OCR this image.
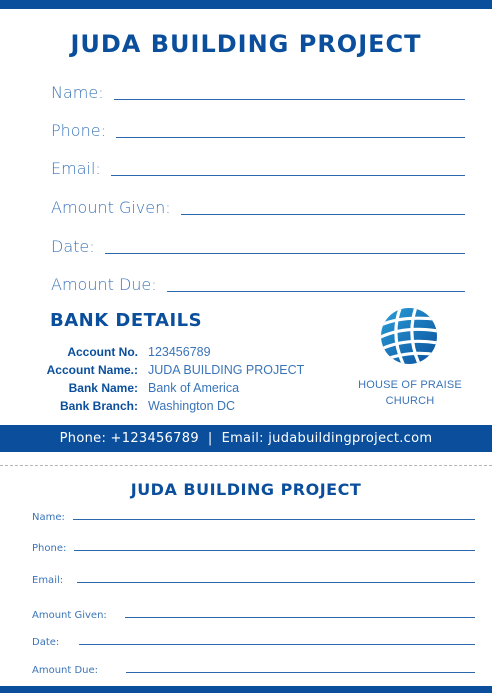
JUDA BUILDING PROJECT
Name:
Phone:
Email:
Amount Given:
Date:
Amount Due:
BANK DETAILS
Account No. 123456789
Account Name.: JUDA BUILDING PROJECT
Bank Name: Bank of America
Bank Branch: Washington DC
HOUSE OF PRAISE
CHURCH
Phone: +123456789 | Email: judabuildingproject.com
JUDA BUILDING PROJECT
Name:
Phone:
Email:
Amount Given:
Date:
Amount Due:
